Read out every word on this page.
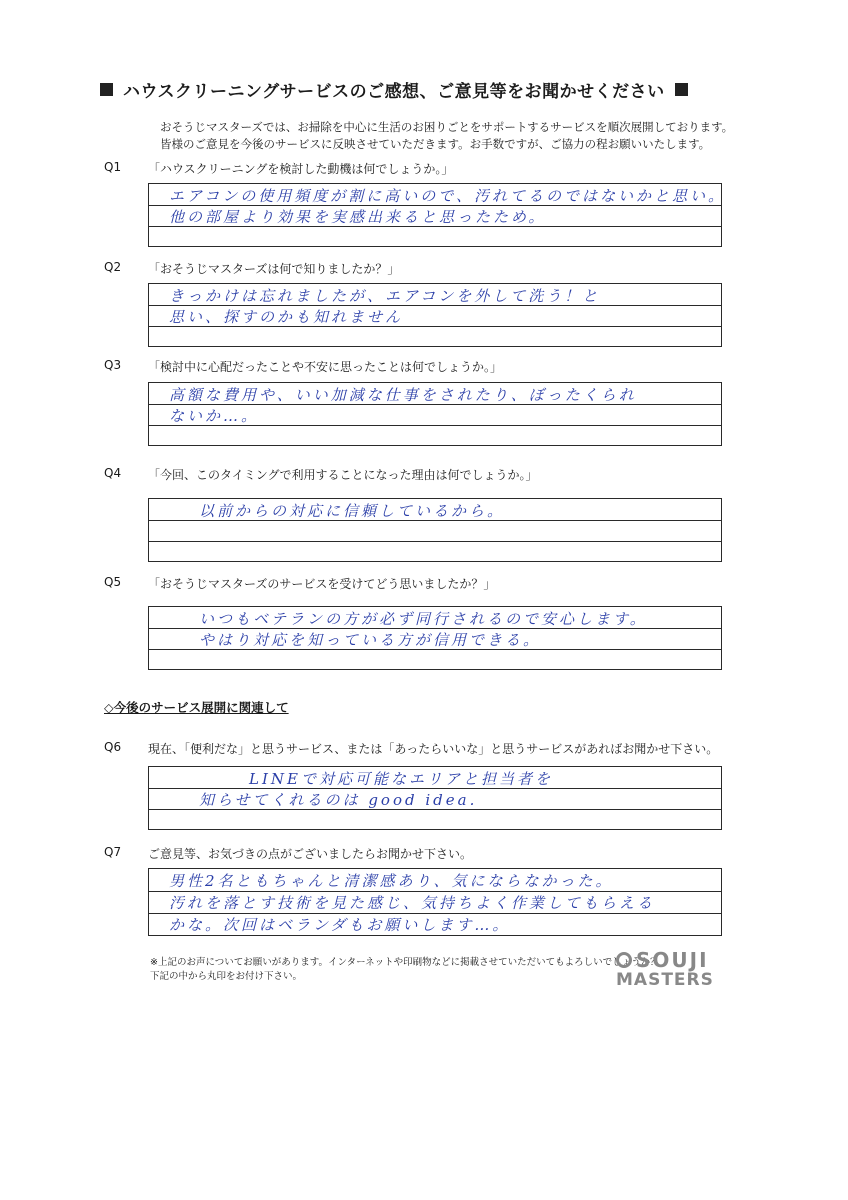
ハウスクリーニングサービスのご感想、ご意見等をお聞かせください
おそうじマスターズでは、お掃除を中心に生活のお困りごとをサポートするサービスを順次展開しております。
皆様のご意見を今後のサービスに反映させていただきます。お手数ですが、ご協力の程お願いいたします。
Q1 「ハウスクリーニングを検討した動機は何でしょうか。」
エアコンの使用頻度が割に高いので、汚れてるのではないかと思い。
他の部屋より効果を実感出来ると思ったため。
Q2 「おそうじマスターズは何で知りましたか？」
きっかけは忘れましたが、エアコンを外して洗う！と
思い、探すのかも知れません
Q3 「検討中に心配だったことや不安に思ったことは何でしょうか。」
高額な費用や、いい加減な仕事をされたり、ぼったくられ
ないか…。
Q4 「今回、このタイミングで利用することになった理由は何でしょうか。」
以前からの対応に信頼しているから。
Q5 「おそうじマスターズのサービスを受けてどう思いましたか？」
いつもベテランの方が必ず同行されるので安心します。
やはり対応を知っている方が信用できる。
◇今後のサービス展開に関連して
Q6 現在、「便利だな」と思うサービス、または「あったらいいな」と思うサービスがあればお聞かせ下さい。
LINEで対応可能なエリアと担当者を
知らせてくれるのは good idea.
Q7 ご意見等、お気づきの点がございましたらお聞かせ下さい。
男性2名ともちゃんと清潔感あり、気にならなかった。
汚れを落とす技術を見た感じ、気持ちよく作業してもらえる
かな。次回はベランダもお願いします…。
※上記のお声についてお願いがあります。インターネットや印刷物などに掲載させていただいてもよろしいでしょうか？
下記の中から丸印をお付け下さい。
SOUJI
MASTERS
